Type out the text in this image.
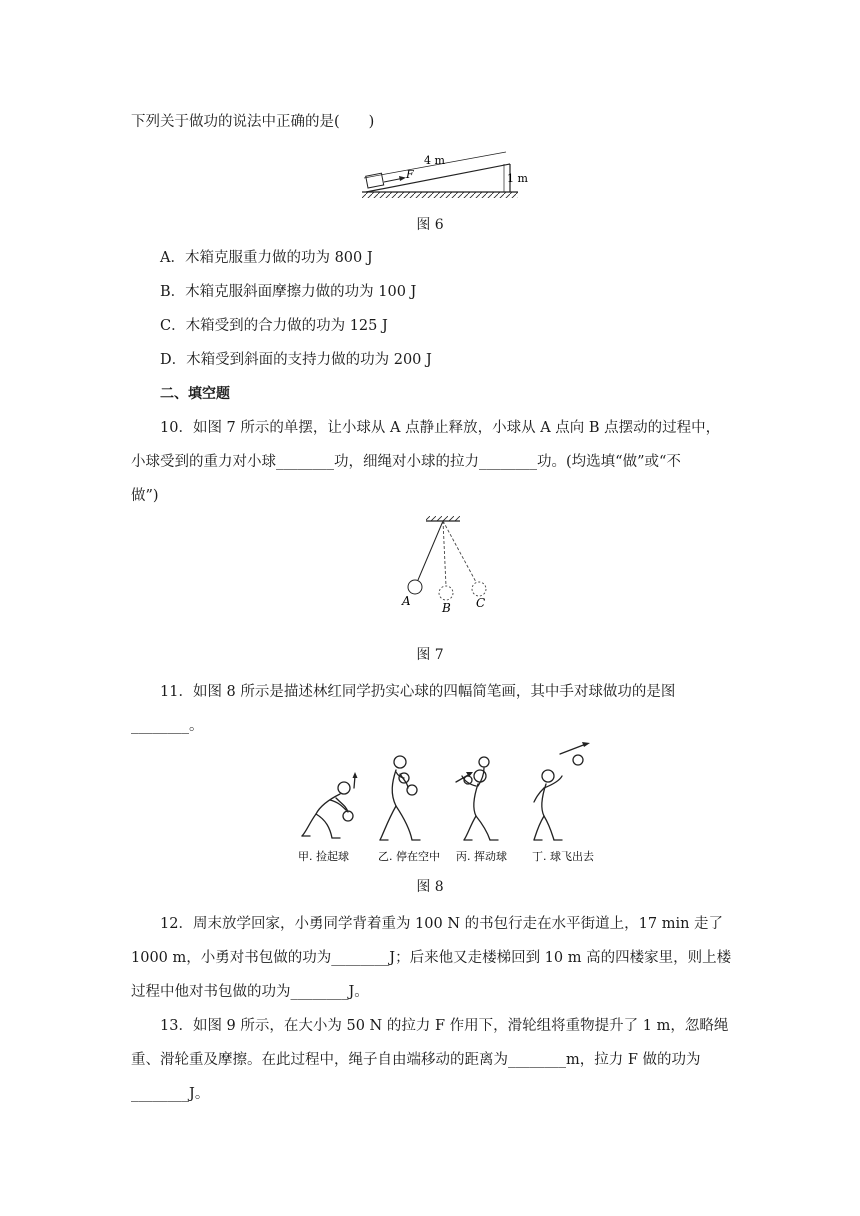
下列关于做功的说法中正确的是(　　)
F
4 m
1 m
图 6
A．木箱克服重力做的功为 800 J
B．木箱克服斜面摩擦力做的功为 100 J
C．木箱受到的合力做的功为 125 J
D．木箱受到斜面的支持力做的功为 200 J
二、填空题
10．如图 7 所示的单摆，让小球从 A 点静止释放，小球从 A 点向 B 点摆动的过程中，
小球受到的重力对小球________功，细绳对小球的拉力________功。(均选填“做”或“不
做”)
A	B C
图 7
11．如图 8 所示是描述林红同学扔实心球的四幅简笔画，其中手对球做功的是图
________。
甲. 捡起球	乙. 停在空中 丙. 挥动球 丁. 球飞出去
图 8
12．周末放学回家，小勇同学背着重为 100 N 的书包行走在水平街道上，17 min 走了
1000 m，小勇对书包做的功为________J；后来他又走楼梯回到 10 m 高的四楼家里，则上楼
过程中他对书包做的功为________J。
13．如图 9 所示，在大小为 50 N 的拉力 F 作用下，滑轮组将重物提升了 1 m，忽略绳
重、滑轮重及摩擦。在此过程中，绳子自由端移动的距离为________m，拉力 F 做的功为
________J。
